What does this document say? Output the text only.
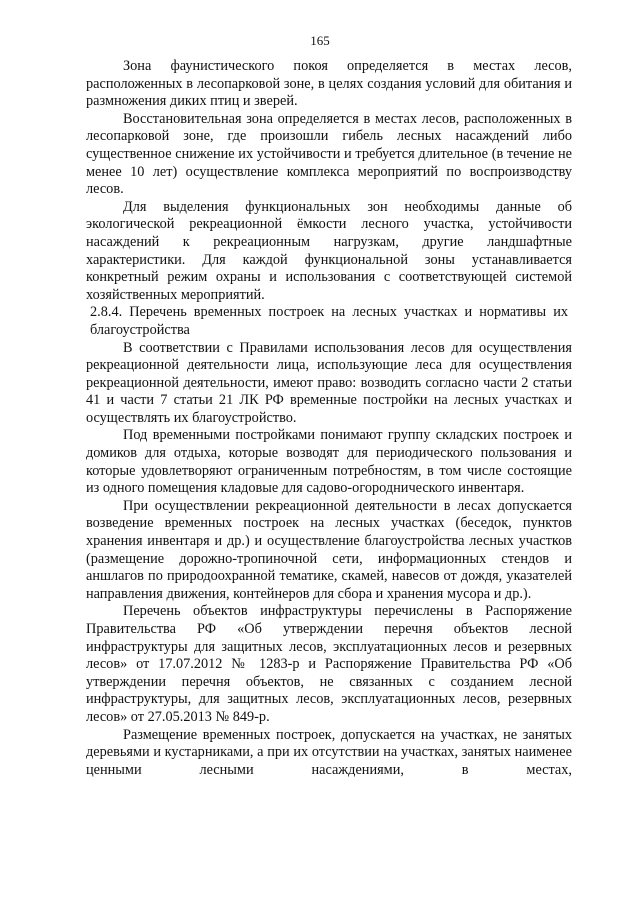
165

Зона фаунистического покоя определяется в местах лесов, расположенных в лесопарковой зоне, в целях создания условий для обитания и размножения диких птиц и зверей.

Восстановительная зона определяется в местах лесов, расположенных в лесопарковой зоне, где произошли гибель лесных насаждений либо существенное снижение их устойчивости и требуется длительное (в течение не менее 10 лет) осуществление комплекса мероприятий по воспроизводству лесов.

Для выделения функциональных зон необходимы данные об экологической рекреационной ёмкости лесного участка, устойчивости насаждений к рекреационным нагрузкам, другие ландшафтные характеристики. Для каждой функциональной зоны устанавливается конкретный режим охраны и использования с соответствующей системой хозяйственных мероприятий.

2.8.4. Перечень временных построек на лесных участках и нормативы их благоустройства

В соответствии с Правилами использования лесов для осуществления рекреационной деятельности лица, использующие леса для осуществления рекреационной деятельности, имеют право: возводить согласно части 2 статьи 41 и части 7 статьи 21 ЛК РФ временные постройки на лесных участках и осуществлять их благоустройство.

Под временными постройками понимают группу складских построек и домиков для отдыха, которые возводят для периодического пользования и которые удовлетворяют ограниченным потребностям, в том числе состоящие из одного помещения кладовые для садово-огороднического инвентаря.

При осуществлении рекреационной деятельности в лесах допускается возведение временных построек на лесных участках (беседок, пунктов хранения инвентаря и др.) и осуществление благоустройства лесных участков (размещение дорожно-тропиночной сети, информационных стендов и аншлагов по природоохранной тематике, скамей, навесов от дождя, указателей направления движения, контейнеров для сбора и хранения мусора и др.).

Перечень объектов инфраструктуры перечислены в Распоряжение Правительства РФ «Об утверждении перечня объектов лесной инфраструктуры для защитных лесов, эксплуатационных лесов и резервных лесов» от 17.07.2012 № 1283-р и Распоряжение Правительства РФ «Об утверждении перечня объектов, не связанных с созданием лесной инфраструктуры, для защитных лесов, эксплуатационных лесов, резервных лесов» от 27.05.2013 № 849-р.

Размещение временных построек, допускается на участках, не занятых деревьями и кустарниками, а при их отсутствии на участках, занятых наименее ценными лесными насаждениями, в местах,
